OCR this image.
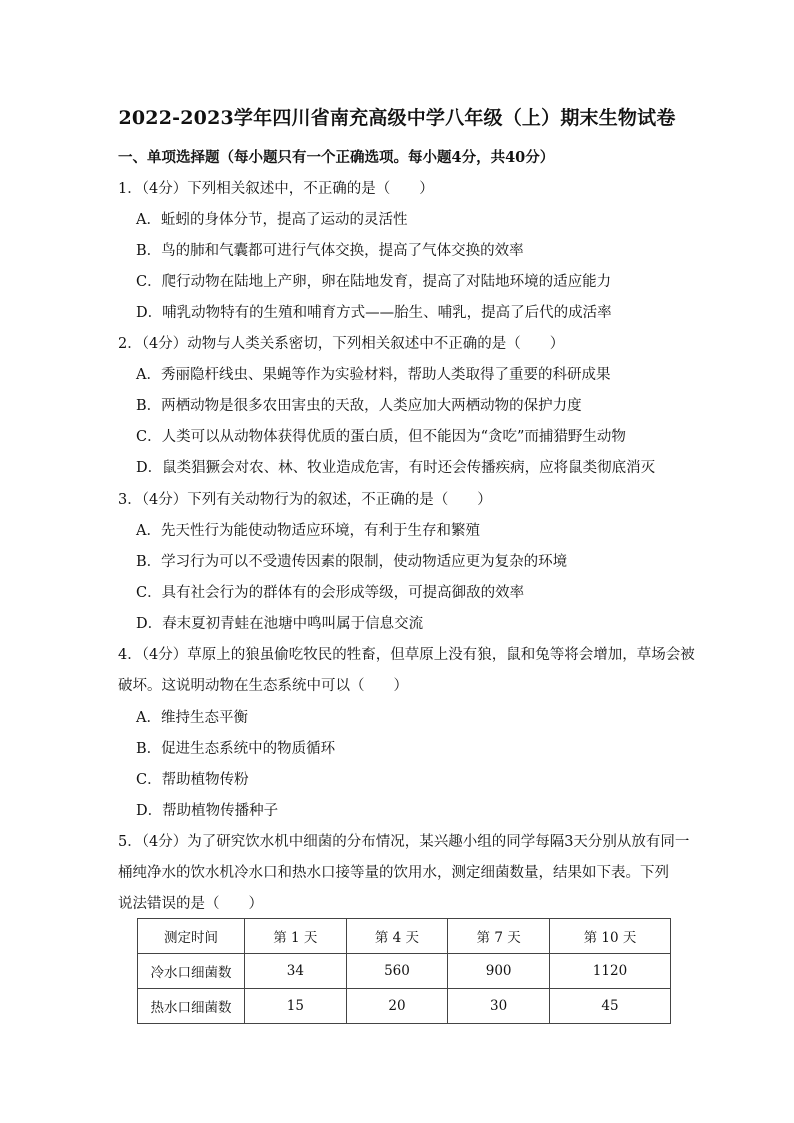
2022-2023学年四川省南充高级中学八年级（上）期末生物试卷
一、单项选择题（每小题只有一个正确选项。每小题4分，共40分）
1．（4分）下列相关叙述中，不正确的是（　　）
A．蚯蚓的身体分节，提高了运动的灵活性
B．鸟的肺和气囊都可进行气体交换，提高了气体交换的效率
C．爬行动物在陆地上产卵，卵在陆地发育，提高了对陆地环境的适应能力
D．哺乳动物特有的生殖和哺育方式——胎生、哺乳，提高了后代的成活率
2．（4分）动物与人类关系密切，下列相关叙述中不正确的是（　　）
A．秀丽隐杆线虫、果蝇等作为实验材料，帮助人类取得了重要的科研成果
B．两栖动物是很多农田害虫的天敌，人类应加大两栖动物的保护力度
C．人类可以从动物体获得优质的蛋白质，但不能因为“贪吃”而捕猎野生动物
D．鼠类猖獗会对农、林、牧业造成危害，有时还会传播疾病，应将鼠类彻底消灭
3．（4分）下列有关动物行为的叙述，不正确的是（　　）
A．先天性行为能使动物适应环境，有利于生存和繁殖
B．学习行为可以不受遗传因素的限制，使动物适应更为复杂的环境
C．具有社会行为的群体有的会形成等级，可提高御敌的效率
D．春末夏初青蛙在池塘中鸣叫属于信息交流
4．（4分）草原上的狼虽偷吃牧民的牲畜，但草原上没有狼，鼠和兔等将会增加，草场会被
破坏。这说明动物在生态系统中可以（　　）
A．维持生态平衡
B．促进生态系统中的物质循环
C．帮助植物传粉
D．帮助植物传播种子
5．（4分）为了研究饮水机中细菌的分布情况，某兴趣小组的同学每隔3天分别从放有同一
桶纯净水的饮水机冷水口和热水口接等量的饮用水，测定细菌数量，结果如下表。下列
说法错误的是（　　）
测定时间	第 1 天	第 4 天	第 7 天	第 10 天
冷水口细菌数	34	560	900	1120
热水口细菌数	15	20	30	45
